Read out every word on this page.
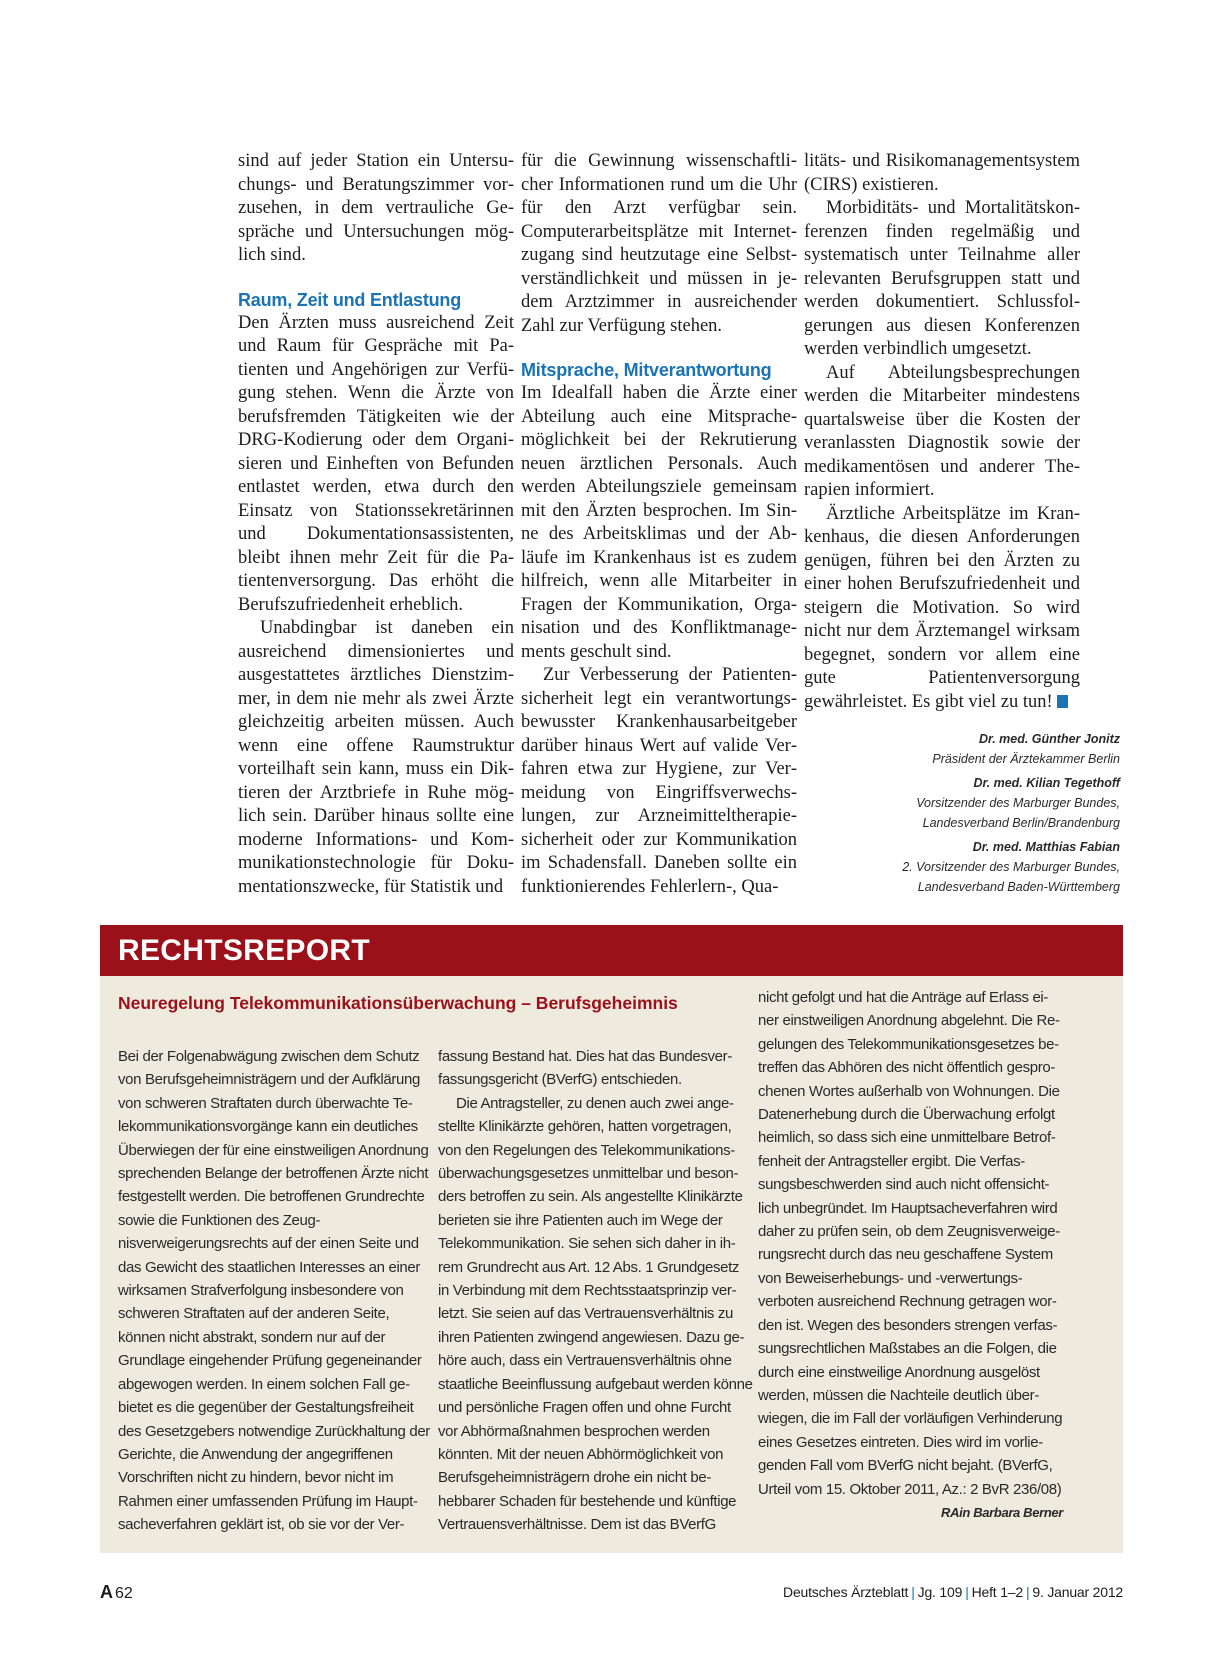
sind auf jeder Station ein Untersuchungs- und Beratungszimmer vorzusehen, in dem vertrauliche Gespräche und Untersuchungen möglich sind.

Raum, Zeit und Entlastung

Den Ärzten muss ausreichend Zeit und Raum für Gespräche mit Patienten und Angehörigen zur Verfügung stehen. Wenn die Ärzte von berufsfremden Tätigkeiten wie der DRG-Kodierung oder dem Organisieren und Einheften von Befunden entlastet werden, etwa durch den Einsatz von Stationssekretärinnen und Dokumentationsassistenten, bleibt ihnen mehr Zeit für die Patientenversorgung. Das erhöht die Berufszufriedenheit erheblich.

Unabdingbar ist daneben ein ausreichend dimensioniertes und ausgestattetes ärztliches Dienstzimmer, in dem nie mehr als zwei Ärzte gleichzeitig arbeiten müssen. Auch wenn eine offene Raumstruktur vorteilhaft sein kann, muss ein Diktieren der Arztbriefe in Ruhe möglich sein. Darüber hinaus sollte eine moderne Informations- und Kommunikationstechnologie für Dokumentationszwecke, für Statistik und

für die Gewinnung wissenschaftlicher Informationen rund um die Uhr für den Arzt verfügbar sein. Computerarbeitsplätze mit Internetzugang sind heutzutage eine Selbstverständlichkeit und müssen in jedem Arztzimmer in ausreichender Zahl zur Verfügung stehen.

Mitsprache, Mitverantwortung

Im Idealfall haben die Ärzte einer Abteilung auch eine Mitsprachemöglichkeit bei der Rekrutierung neuen ärztlichen Personals. Auch werden Abteilungsziele gemeinsam mit den Ärzten besprochen. Im Sinne des Arbeitsklimas und der Abläufe im Krankenhaus ist es zudem hilfreich, wenn alle Mitarbeiter in Fragen der Kommunikation, Organisation und des Konfliktmanagements geschult sind.

Zur Verbesserung der Patientensicherheit legt ein verantwortungsbewusster Krankenhausarbeitgeber darüber hinaus Wert auf valide Verfahren etwa zur Hygiene, zur Vermeidung von Eingriffsverwechslungen, zur Arzneimitteltherapiesicherheit oder zur Kommunikation im Schadensfall. Daneben sollte ein funktionierendes Fehlerlern-, Qua-

litäts- und Risikomanagementsystem (CIRS) existieren.

Morbiditäts- und Mortalitätskonferenzen finden regelmäßig und systematisch unter Teilnahme aller relevanten Berufsgruppen statt und werden dokumentiert. Schlussfolgerungen aus diesen Konferenzen werden verbindlich umgesetzt.

Auf Abteilungsbesprechungen werden die Mitarbeiter mindestens quartalsweise über die Kosten der veranlassten Diagnostik sowie der medikamentösen und anderer Therapien informiert.

Ärztliche Arbeitsplätze im Krankenhaus, die diesen Anforderungen genügen, führen bei den Ärzten zu einer hohen Berufszufriedenheit und steigern die Motivation. So wird nicht nur dem Ärztemangel wirksam begegnet, sondern vor allem eine gute Patientenversorgung gewährleistet. Es gibt viel zu tun!

Dr. med. Günther Jonitz
Präsident der Ärztekammer Berlin
Dr. med. Kilian Tegethoff
Vorsitzender des Marburger Bundes,
Landesverband Berlin/Brandenburg
Dr. med. Matthias Fabian
2. Vorsitzender des Marburger Bundes,
Landesverband Baden-Württemberg
RECHTSREPORT
Neuregelung Telekommunikationsüberwachung – Berufsgeheimnis

Bei der Folgenabwägung zwischen dem Schutz von Berufsgeheimnisträgern und der Aufklärung von schweren Straftaten durch überwachte Telekommunikationsvorgänge kann ein deutliches Überwiegen der für eine einstweiligen Anordnung sprechenden Belange der betroffenen Ärzte nicht festgestellt werden. Die betroffenen Grundrechte sowie die Funktionen des Zeugnisverweigerungsrechts auf der einen Seite und das Gewicht des staatlichen Interesses an einer wirksamen Strafverfolgung insbesondere von schweren Straftaten auf der anderen Seite, können nicht abstrakt, sondern nur auf der Grundlage eingehender Prüfung gegeneinander abgewogen werden. In einem solchen Fall gebietet es die gegenüber der Gestaltungsfreiheit des Gesetzgebers notwendige Zurückhaltung der Gerichte, die Anwendung der angegriffenen Vorschriften nicht zu hindern, bevor nicht im Rahmen einer umfassenden Prüfung im Hauptsacheverfahren geklärt ist, ob sie vor der Ver-

fassung Bestand hat. Dies hat das Bundesverfassungsgericht (BVerfG) entschieden.

Die Antragsteller, zu denen auch zwei angestellte Klinikärzte gehören, hatten vorgetragen, von den Regelungen des Telekommunikationsüberwachungsgesetzes unmittelbar und besonders betroffen zu sein. Als angestellte Klinikärzte berieten sie ihre Patienten auch im Wege der Telekommunikation. Sie sehen sich daher in ihrem Grundrecht aus Art. 12 Abs. 1 Grundgesetz in Verbindung mit dem Rechtsstaatsprinzip verletzt. Sie seien auf das Vertrauensverhältnis zu ihren Patienten zwingend angewiesen. Dazu gehöre auch, dass ein Vertrauensverhältnis ohne staatliche Beeinflussung aufgebaut werden könne und persönliche Fragen offen und ohne Furcht vor Abhörmaßnahmen besprochen werden könnten. Mit der neuen Abhörmöglichkeit von Berufsgeheimnisträgern drohe ein nicht behebbarer Schaden für bestehende und künftige Vertrauensverhältnisse. Dem ist das BVerfG

nicht gefolgt und hat die Anträge auf Erlass einer einstweiligen Anordnung abgelehnt. Die Regelungen des Telekommunikationsgesetzes betreffen das Abhören des nicht öffentlich gesprochenen Wortes außerhalb von Wohnungen. Die Datenerhebung durch die Überwachung erfolgt heimlich, so dass sich eine unmittelbare Betroffenheit der Antragsteller ergibt. Die Verfassungsbeschwerden sind auch nicht offensichtlich unbegründet. Im Hauptsacheverfahren wird daher zu prüfen sein, ob dem Zeugnisverweigerungsrecht durch das neu geschaffene System von Beweiserhebungs- und -verwertungsverboten ausreichend Rechnung getragen worden ist. Wegen des besonders strengen verfassungsrechtlichen Maßstabes an die Folgen, die durch eine einstweilige Anordnung ausgelöst werden, müssen die Nachteile deutlich überwiegen, die im Fall der vorläufigen Verhinderung eines Gesetzes eintreten. Dies wird im vorliegenden Fall vom BVerfG nicht bejaht. (BVerfG, Urteil vom 15. Oktober 2011, Az.: 2 BvR 236/08)
RAin Barbara Berner

A 62	Deutsches Ärzteblatt | Jg. 109 | Heft 1–2 | 9. Januar 2012
